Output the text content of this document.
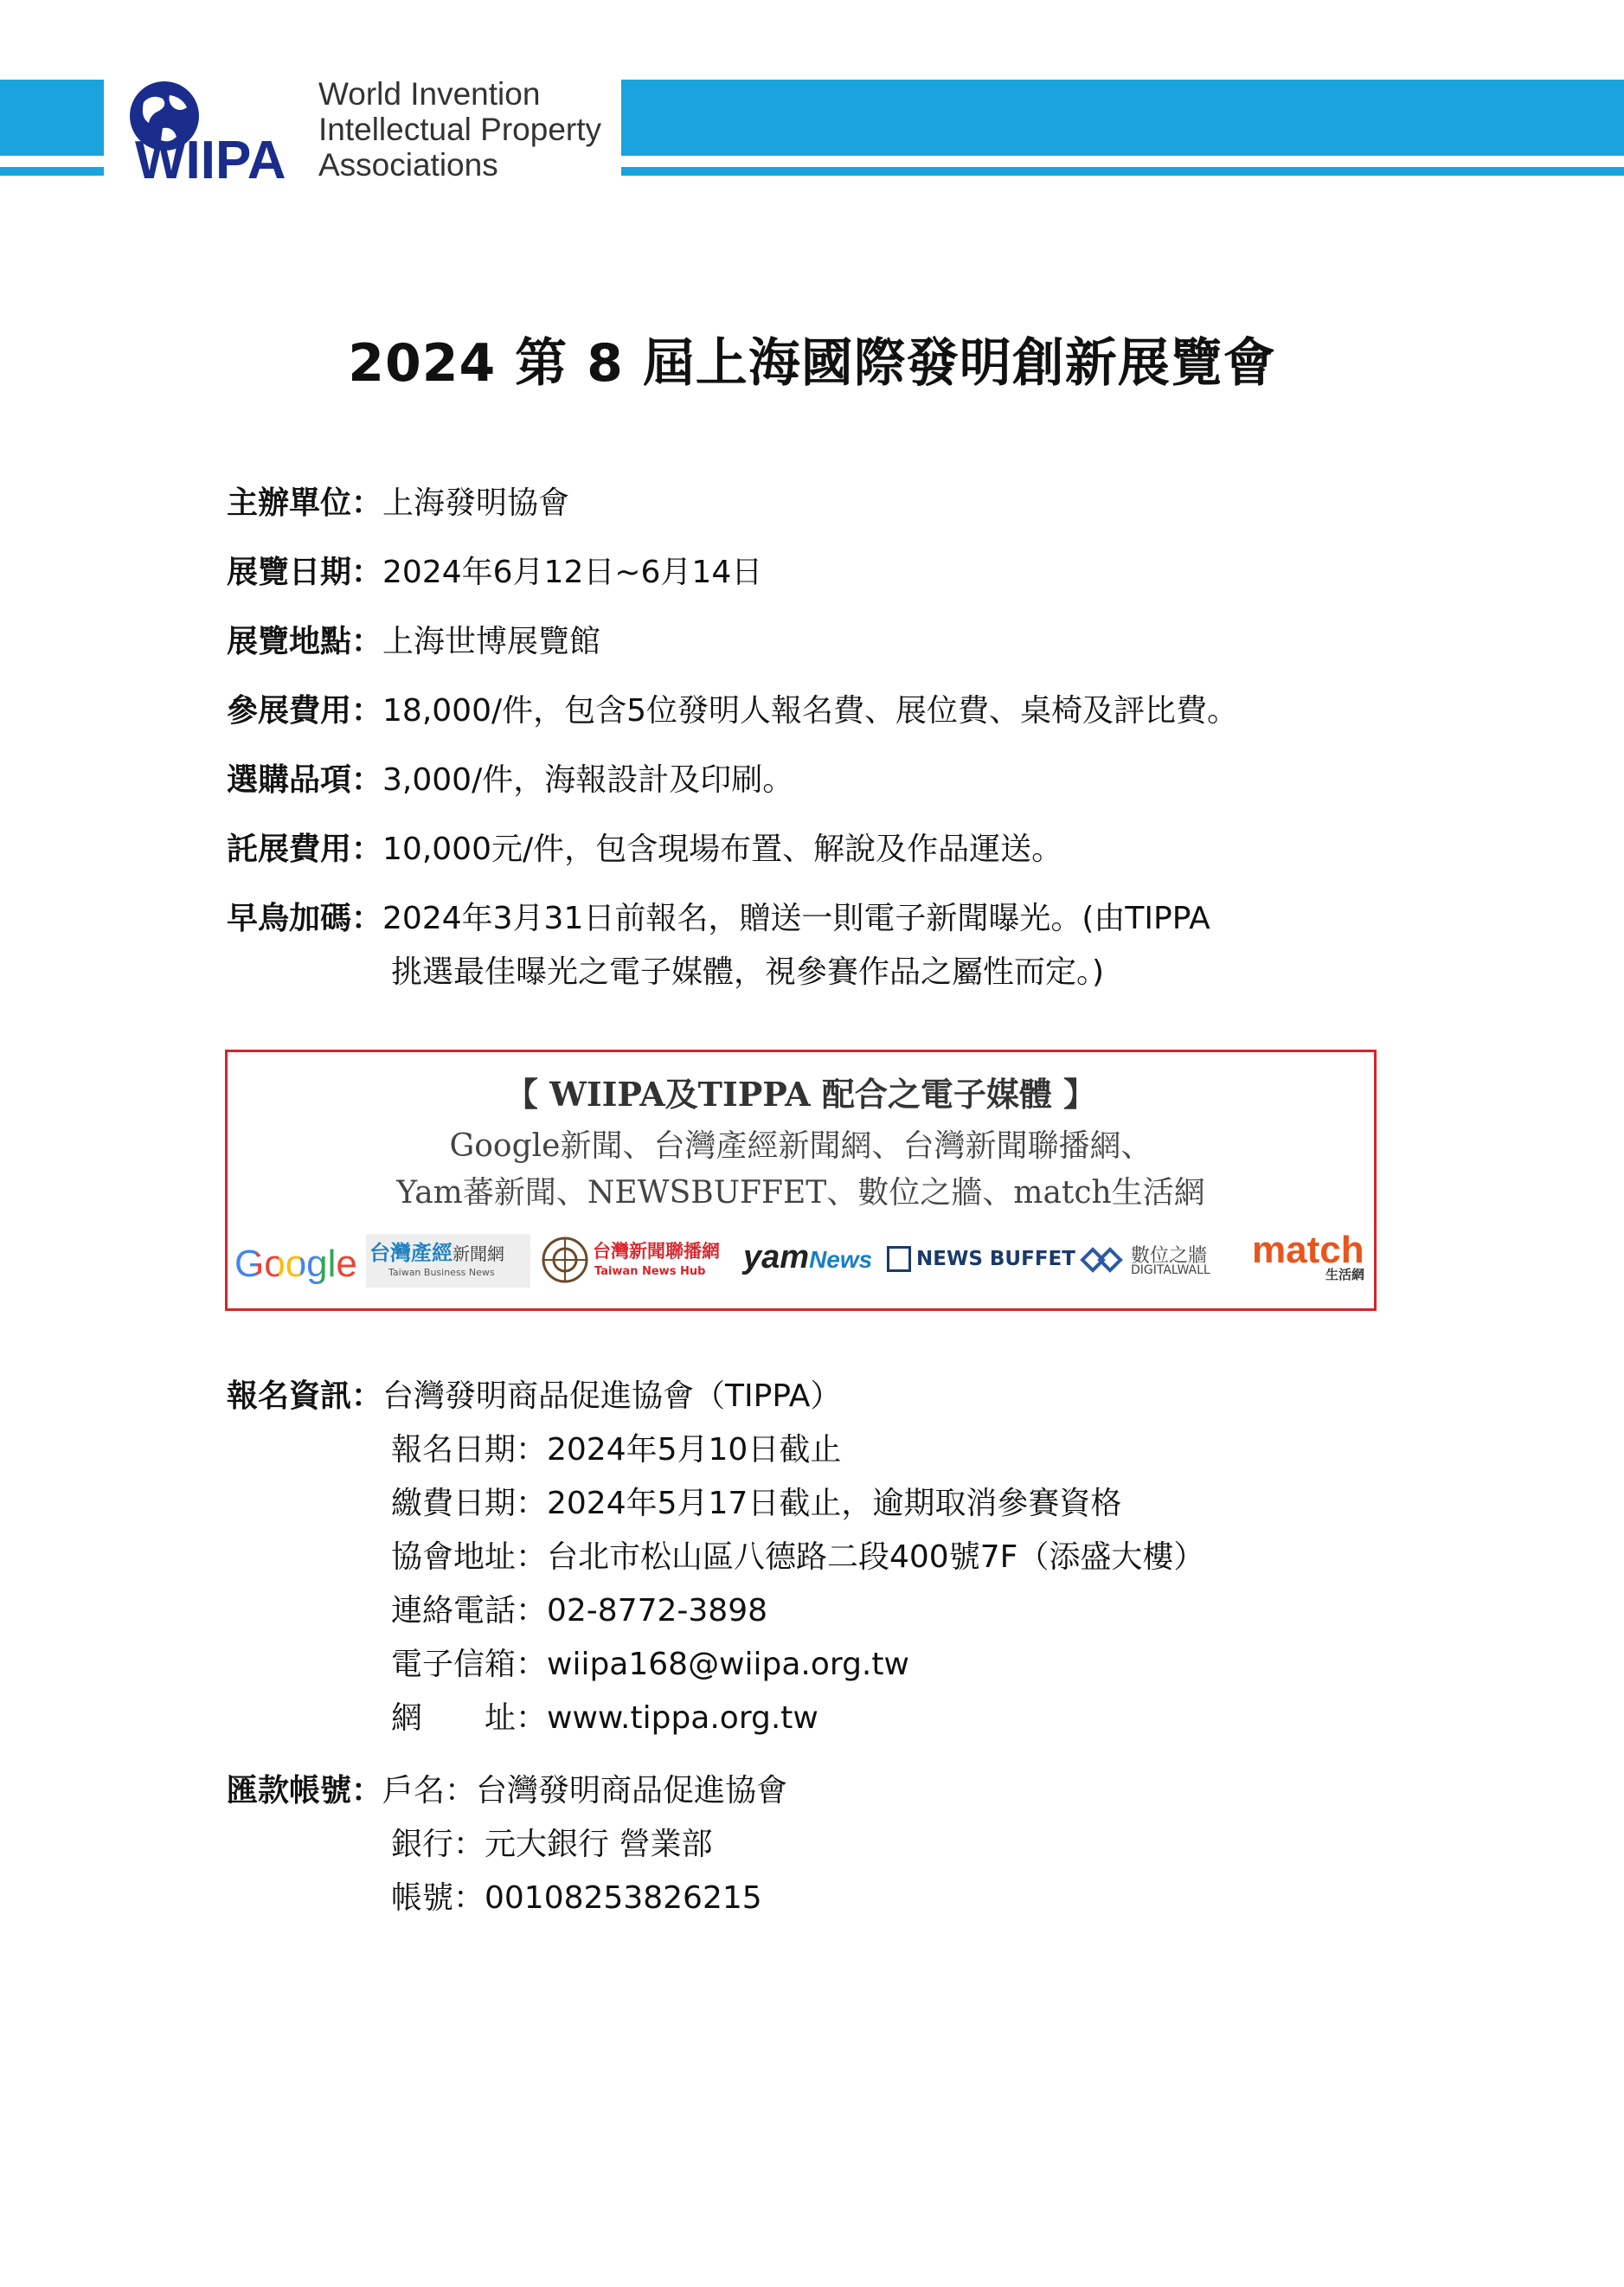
WIIPA
World Invention
Intellectual Property
Associations
2024 第 8 屆上海國際發明創新展覽會
主辦單位：上海發明協會
展覽日期：2024年6月12日~6月14日
展覽地點：上海世博展覽館
參展費用：18,000/件，包含5位發明人報名費、展位費、桌椅及評比費。
選購品項：3,000/件，海報設計及印刷。
託展費用：10,000元/件，包含現場布置、解說及作品運送。
早鳥加碼：2024年3月31日前報名，贈送一則電子新聞曝光。(由TIPPA
挑選最佳曝光之電子媒體，視參賽作品之屬性而定。)
【 WIIPA及TIPPA 配合之電子媒體 】
Google新聞、台灣產經新聞網、台灣新聞聯播網、
Yam蕃新聞、NEWSBUFFET、數位之牆、match生活網
Google 台灣產經新聞網
Taiwan Business News
台灣新聞聯播網
Taiwan News Hub yamNews	NEWS BUFFET	數位之牆
DIGITALWALL match
生活網
報名資訊：台灣發明商品促進協會（TIPPA）
報名日期：2024年5月10日截止
繳費日期：2024年5月17日截止，逾期取消參賽資格
協會地址：台北市松山區八德路二段400號7F（添盛大樓）
連絡電話：02-8772-3898
電子信箱：wiipa168@wiipa.org.tw
網　　址：www.tippa.org.tw
匯款帳號：戶名：台灣發明商品促進協會
銀行：元大銀行 營業部
帳號：00108253826215
